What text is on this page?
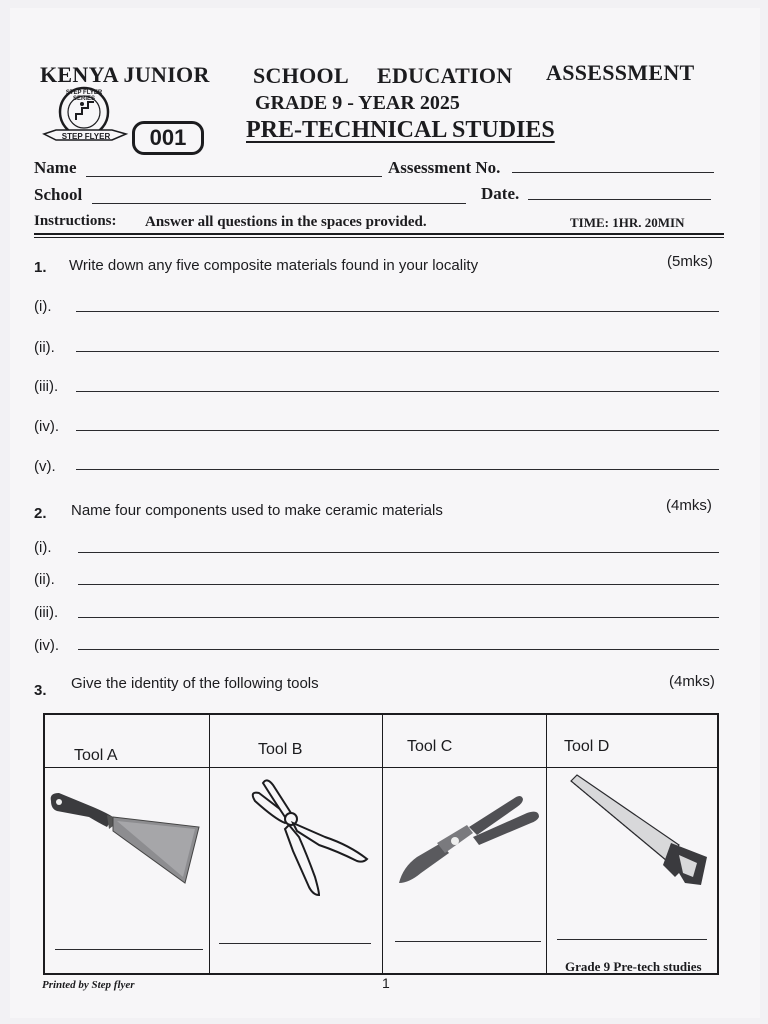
KENYA JUNIOR SCHOOL EDUCATION ASSESSMENT
GRADE 9 - YEAR 2025
STEP FLYER SERIES
STEP FLYER	001	PRE-TECHNICAL STUDIES
Name	Assessment No.
School	Date.
Instructions: Answer all questions in the spaces provided.	TIME: 1HR. 20MIN
1. Write down any five composite materials found in your locality	(5mks)
(i).
(ii).
(iii).
(iv).
(v).
2. Name four components used to make ceramic materials	(4mks)
(i).
(ii).
(iii).
(iv).
3. Give the identity of the following tools	(4mks)
Tool A	Tool B	Tool C	Tool D
Grade 9 Pre-tech studies
Printed by Step flyer	1
